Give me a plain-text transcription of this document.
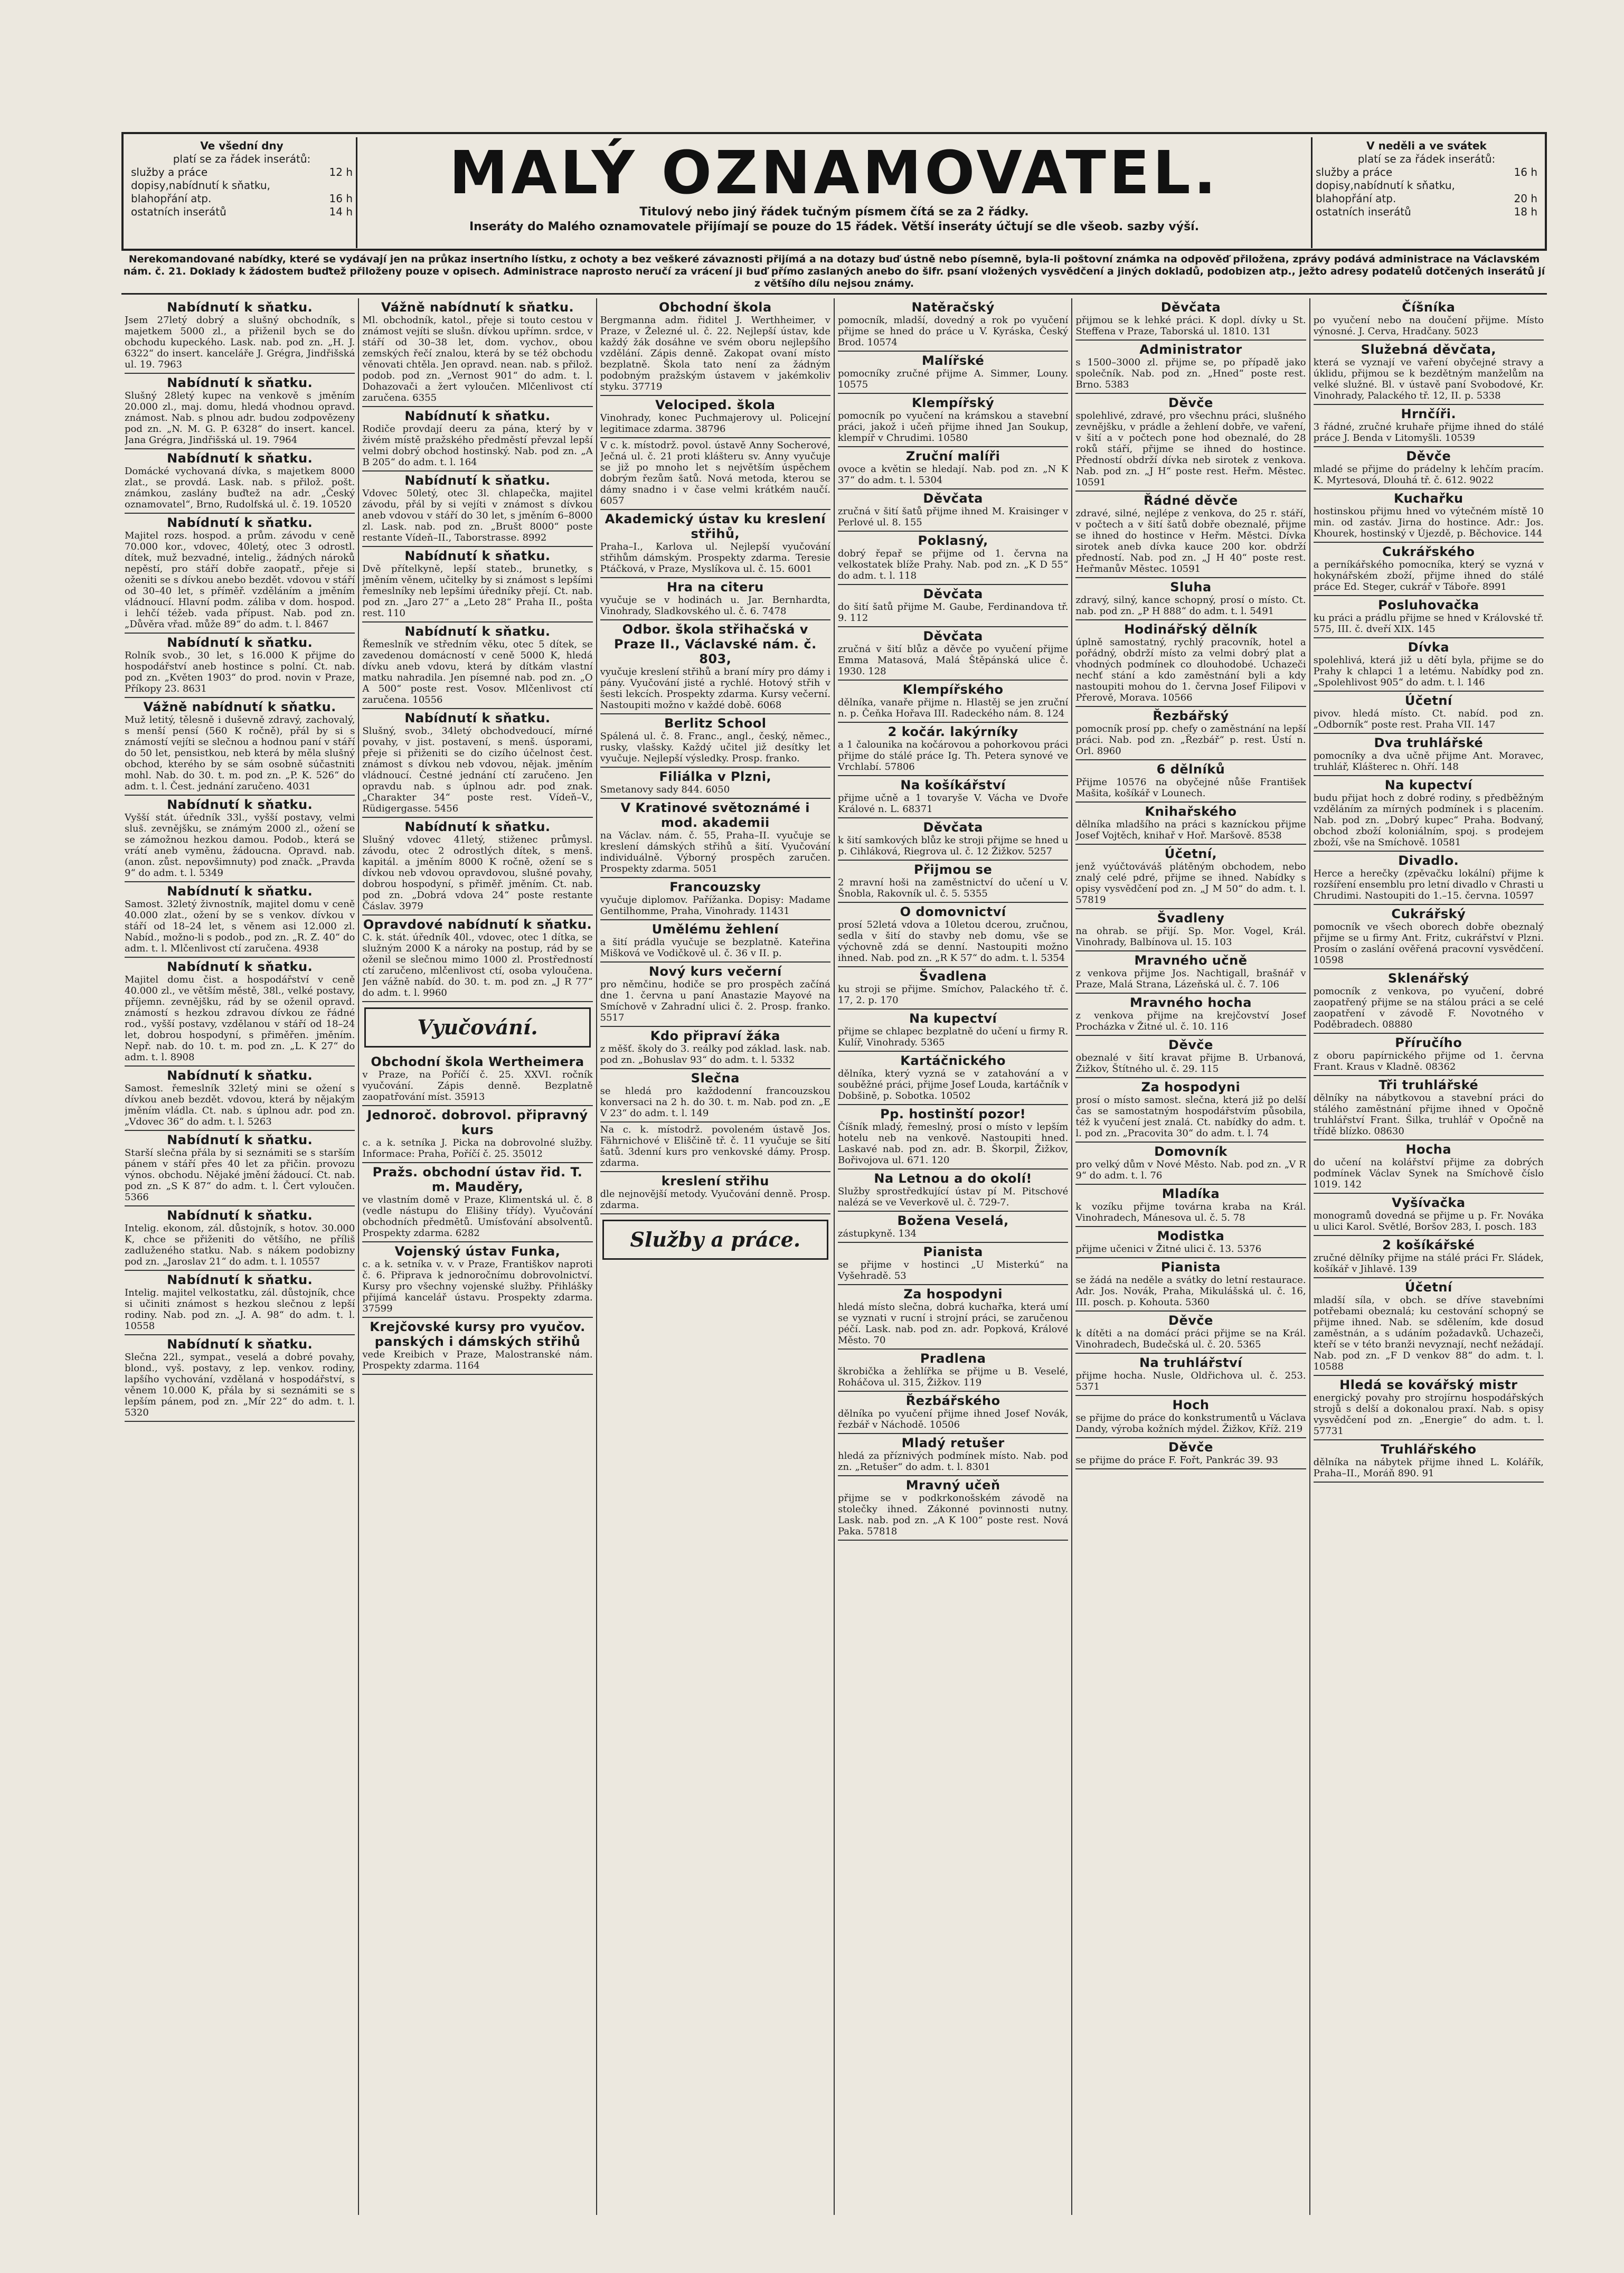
Ve všední dny
platí se za řádek inserátů:
služby a práce	12 h
dopisy,nabídnutí k sňatku,
blahopřání atp.	16 h
ostatních inserátů	14 h
MALÝ OZNAMOVATEL.
Titulový nebo jiný řádek tučným písmem čítá se za 2 řádky.
Inseráty do Malého oznamovatele přijímají se pouze do 15 řádek. Větší inseráty účtují se dle všeob. sazby výší.
V neděli a ve svátek
platí se za řádek inserátů:
služby a práce	16 h
dopisy,nabídnutí k sňatku,
blahopřání atp.	20 h
ostatních inserátů	18 h
Nerekomandované nabídky, které se vydávají jen na průkaz insertního lístku, z ochoty a bez veškeré závaznosti přijímá a na dotazy buď ústně nebo písemně, byla-li poštovní známka na odpověď přiložena, zprávy podává administrace na Václavském nám. č. 21. Doklady k žádostem buďtež přiloženy pouze v opisech. Administrace naprosto neručí za vrácení ji buď přímo zaslaných anebo do šifr. psaní vložených vysvědčení a jiných dokladů, podobizen atp., ježto adresy podatelů dotčených inserátů jí z většího dílu nejsou známy.
Nabídnutí k sňatku.

Jsem 27letý dobrý a slušný obchodník, s majetkem 5000 zl., a přiženil bych se do obchodu kupeckého. Lask. nab. pod zn. „H. J. 6322“ do insert. kanceláře J. Grégra, Jindřišská ul. 19. 7963

Nabídnutí k sňatku.

Slušný 28letý kupec na venkově s jměním 20.000 zl., maj. domu, hledá vhodnou opravd. známost. Nab. s plnou adr. budou zodpovězeny pod zn. „N. M. G. P. 6328“ do insert. kancel. Jana Grégra, Jindřišská ul. 19. 7964

Nabídnutí k sňatku.

Domácké vychovaná dívka, s majetkem 8000 zlat., se provdá. Lask. nab. s přilož. pošt. známkou, zaslány buďtež na adr. „Český oznamovatel“, Brno, Rudolfská ul. č. 19. 10520

Nabídnutí k sňatku.

Majitel rozs. hospod. a prům. závodu v ceně 70.000 kor., vdovec, 40letý, otec 3 odrostl. dítek, muž bezvadné, intelig., žádných nároků nepěstí, pro stáří dobře zaopatř., přeje si oženiti se s dívkou anebo bezdět. vdovou v stáří od 30–40 let, s příměř. vzděláním a jměním vládnoucí. Hlavní podm. záliba v dom. hospod. i lehčí téžeb. vada přípust. Nab. pod zn. „Důvěra vřad. může 89“ do adm. t. l. 8467

Nabídnutí k sňatku.

Rolník svob., 30 let, s 16.000 K přijme do hospodářství aneb hostince s polní. Ct. nab. pod zn. „Květen 1903“ do prod. novin v Praze, Příkopy 23. 8631

Vážně nabídnutí k sňatku.

Muž letitý, tělesně i duševně zdravý, zachovalý, s menší pensí (560 K ročně), přál by si s známostí vejíti se slečnou a hodnou paní v stáří do 50 let, pensistkou, neb která by měla slušný obchod, kterého by se sám osobně súčastniti mohl. Nab. do 30. t. m. pod zn. „P. K. 526“ do adm. t. l. Čest. jednání zaručeno. 4031

Nabídnutí k sňatku.

Vyšší stát. úředník 33l., vyšší postavy, velmi sluš. zevnějšku, se známým 2000 zl., ožení se se zámožnou hezkou damou. Podob., která se vrátí aneb vyměnu, žádoucna. Opravd. nab. (anon. zůst. nepovšimnuty) pod značk. „Pravda 9“ do adm. t. l. 5349

Nabídnutí k sňatku.

Samost. 32letý živnostník, majitel domu v ceně 40.000 zlat., ožení by se s venkov. dívkou v stáří od 18–24 let, s věnem asi 12.000 zl. Nabíd., možno-li s podob., pod zn. „R. Z. 40“ do adm. t. l. Mlčenlivost ctí zaručena. 4938

Nabídnutí k sňatku.

Majitel domu čist. a hospodářství v ceně 40.000 zl., ve větším městě, 38l., velké postavy, příjemn. zevnějšku, rád by se oženil opravd. známostí s hezkou zdravou dívkou ze řádné rod., vyšší postavy, vzdělanou v stáří od 18–24 let, dobrou hospodyní, s přiměřen. jměním. Nepř. nab. do 10. t. m. pod zn. „L. K 27“ do adm. t. l. 8908

Nabídnutí k sňatku.

Samost. řemeslník 32letý mini se ožení s dívkou aneb bezdět. vdovou, která by nějakým jměním vládla. Ct. nab. s úplnou adr. pod zn. „Vdovec 36“ do adm. t. l. 5263

Nabídnutí k sňatku.

Starší slečna přála by si seznámiti se s starším pánem v stáří přes 40 let za přičin. provozu výnos. obchodu. Nějaké jmění žádoucí. Ct. nab. pod zn. „S K 87“ do adm. t. l. Čert vyloučen. 5366

Nabídnutí k sňatku.

Intelig. ekonom, zál. důstojník, s hotov. 30.000 K, chce se přiženiti do většího, ne příliš zadluženého statku. Nab. s nákem podobizny pod zn. „Jaroslav 21“ do adm. t. l. 10557

Nabídnutí k sňatku.

Intelig. majitel velkostatku, zál. důstojník, chce si učiniti známost s hezkou slečnou z lepší rodiny. Nab. pod zn. „J. A. 98“ do adm. t. l. 10558

Nabídnutí k sňatku.

Slečna 22l., sympat., veselá a dobré povahy, blond., vyš. postavy, z lep. venkov. rodiny, lapšího vychování, vzdělaná v hospodářství, s věnem 10.000 K, přála by si seznámiti se s lepším pánem, pod zn. „Mír 22“ do adm. t. l. 5320

Vážně nabídnutí k sňatku.

Ml. obchodník, katol., přeje si touto cestou v známost vejíti se slušn. dívkou upřímn. srdce, v stáří od 30–38 let, dom. vychov., obou zemských řečí znalou, která by se též obchodu věnovati chtěla. Jen opravd. nean. nab. s přilož. podob. pod zn. „Vernost 901“ do adm. t. l. Dohazovači a žert vyloučen. Mlčenlivost ctí zaručena. 6355

Nabídnutí k sňatku.

Rodiče provdají deeru za pána, který by v živém místě pražského předměstí převzal lepší velmi dobrý obchod hostinský. Nab. pod zn. „A B 205“ do adm. t. l. 164

Nabídnutí k sňatku.

Vdovec 50letý, otec 3l. chlapečka, majitel závodu, přál by si vejíti v známost s dívkou aneb vdovou v stáří do 30 let, s jměním 6–8000 zl. Lask. nab. pod zn. „Brušt 8000“ poste restante Vídeň–II., Taborstrasse. 8992

Nabídnutí k sňatku.

Dvě přítelkyně, lepší stateb., brunetky, s jměním věnem, učitelky by si známost s lepšími řemeslníky neb lepšími úředníky přejí. Ct. nab. pod zn. „Jaro 27“ a „Leto 28“ Praha II., pošta rest. 110

Nabídnutí k sňatku.

Řemeslník ve středním věku, otec 5 dítek, se zavedenou domácností v ceně 5000 K, hledá dívku aneb vdovu, která by dítkám vlastní matku nahradila. Jen písemné nab. pod zn. „O A 500“ poste rest. Vosov. Mlčenlivost ctí zaručena. 10556

Nabídnutí k sňatku.

Slušný, svob., 34letý obchodvedoucí, mírné povahy, v jist. postavení, s menš. úsporami, přeje si přiženiti se do cizího účelnost čest. známost s dívkou neb vdovou, nějak. jměním vládnoucí. Čestné jednání ctí zaručeno. Jen opravdu nab. s úplnou adr. pod znak. „Charakter 34“ poste rest. Vídeň–V., Rüdigergasse. 5456

Nabídnutí k sňatku.

Slušný vdovec 41letý, stiženec průmysl. závodu, otec 2 odrostlých dítek, s menš. kapitál. a jměním 8000 K ročně, ožení se s dívkou neb vdovou opravdovou, slušné povahy, dobrou hospodyní, s přiměř. jměním. Ct. nab. pod zn. „Dobrá vdova 24“ poste restante Čáslav. 3979

Opravdové nabídnutí k sňatku.

C. k. stát. úředník 40l., vdovec, otec 1 dítka, se služným 2000 K a nároky na postup, rád by se oženil se slečnou mimo 1000 zl. Prostředností ctí zaručeno, mlčenlivost ctí, osoba vyloučena. Jen vážně nabíd. do 30. t. m. pod zn. „J R 77“ do adm. t. l. 9960

Vyučování.
Obchodní škola Wertheimera

v Praze, na Poříčí č. 25. XXVI. ročník vyučování. Zápis denně. Bezplatně zaopatřování míst. 35913

Jednoroč. dobrovol. připravný kurs

c. a k. setníka J. Picka na dobrovolné služby. Informace: Praha, Poříčí č. 25. 35012

Pražs. obchodní ústav řid. T. m. Mauděry,

ve vlastním domě v Praze, Klimentská ul. č. 8 (vedle nástupu do Elišiny třídy). Vyučování obchodních předmětů. Umísťování absolventů. Prospekty zdarma. 6282

Vojenský ústav Funka,

c. a k. setníka v. v. v Praze, Františkov naproti č. 6. Připrava k jednoročnímu dobrovolnictví. Kursy pro všechny vojenské služby. Přihlášky přijímá kancelář ústavu. Prospekty zdarma. 37599

Krejčovské kursy pro vyučov. panských i dámských střihů

vede Kreibich v Praze, Malostranské nám. Prospekty zdarma. 1164

Obchodní škola

Bergmanna adm. řiditel J. Werthheimer, v Praze, v Železné ul. č. 22. Nejlepší ústav, kde každý žák dosáhne ve svém oboru nejlepšího vzdělání. Zápis denně. Zakopat ovaní místo bezplatně. Škola tato není za žádným podobným pražským ústavem v jakémkoliv styku. 37719

Velociped. škola

Vinohrady, konec Puchmajerovy ul. Policejní legitimace zdarma. 38796

V c. k. místodrž. povol. ústavě Anny Socherové, Ječná ul. č. 21 proti klášteru sv. Anny vyučuje se již po mnoho let s největším úspěchem dobrým řezům šatů. Nová metoda, kterou se dámy snadno i v čase velmi krátkém naučí. 6057

Akademický ústav ku kreslení střihů,

Praha–I., Karlova ul. Nejlepší vyučování střihům dámským. Prospekty zdarma. Teresie Ptáčková, v Praze, Myslíkova ul. č. 15. 6001

Hra na citeru

vyučuje se v hodinách u. Jar. Bernhardta, Vinohrady, Sladkovského ul. č. 6. 7478

Odbor. škola střihačská v Praze II., Václavské nám. č. 803,

vyučuje kreslení střihů a braní míry pro dámy i pány. Vyučování jisté a rychlé. Hotový střih v šesti lekcích. Prospekty zdarma. Kursy večerní. Nastoupiti možno v každé době. 6068

Berlitz School

Spálená ul. č. 8. Franc., angl., český, němec., rusky, vlašsky. Každý učitel již desítky let vyučuje. Nejlepší výsledky. Prosp. franko.

Filiálka v Plzni,

Smetanovy sady 844. 6050

V Kratinové světoznámé i mod. akademii

na Václav. nám. č. 55, Praha–II. vyučuje se kreslení dámských střihů a šití. Vyučování individuálně. Výborný prospěch zaručen. Prospekty zdarma. 5051

Francouzsky

vyučuje diplomov. Pařížanka. Dopisy: Madame Gentilhomme, Praha, Vinohrady. 11431

Umělému žehlení

a šití prádla vyučuje se bezplatně. Kateřina Mišková ve Vodičkově ul. č. 36 v II. p.

Nový kurs večerní

pro němčinu, hodiče se pro prospěch začíná dne 1. června u paní Anastazie Mayové na Smíchově v Zahradní ulici č. 2. Prosp. franko. 5517

Kdo připraví žáka

z měšť. školy do 3. reálky pod základ. lask. nab. pod zn. „Bohuslav 93“ do adm. t. l. 5332

Slečna

se hledá pro každodenní francouzskou konversaci na 2 h. do 30. t. m. Nab. pod zn. „E V 23“ do adm. t. l. 149

Na c. k. místodrž. povoleném ústavě Jos. Fährnichové v Eliščině tř. č. 11 vyučuje se šití šatů. 3denní kurs pro venkovské dámy. Prosp. zdarma.

kreslení střihu

dle nejnovější metody. Vyučování denně. Prosp. zdarma.

Služby a práce.
Natěračský

pomocník, mladší, dovedný a rok po vyučení přijme se hned do práce u V. Kyráska, Český Brod. 10574

Malířské

pomocníky zručné přijme A. Simmer, Louny. 10575

Klempířský

pomocník po vyučení na krámskou a stavební práci, jakož i učeň přijme ihned Jan Soukup, klempíř v Chrudimi. 10580

Zruční malíři

ovoce a květin se hledají. Nab. pod zn. „N K 37“ do adm. t. l. 5304

Děvčata

zručná v šití šatů přijme ihned M. Kraisinger v Perlové ul. 8. 155

Poklasný,

dobrý řepař se přijme od 1. června na velkostatek blíže Prahy. Nab. pod zn. „K D 55“ do adm. t. l. 118

Děvčata

do šití šatů přijme M. Gaube, Ferdinandova tř. 9. 112

Děvčata

zručná v šití blůz a děvče po vyučení přijme Emma Matasová, Malá Štěpánská ulice č. 1930. 128

Klempířského

dělníka, vanaře přijme n. Hlastěj se jen zruční n. p. Čeňka Hořava III. Radeckého nám. 8. 124

2 kočár. lakýrníky

a 1 čalounika na kočárovou a pohorkovou práci přijme do stálé práce Ig. Th. Petera synové ve Vrchlabí. 57806

Na košíkářství

přijme učně a 1 tovaryše V. Vácha ve Dvoře Králové n. L. 68371

Děvčata

k šití samkových blůz ke stroji přijme se hned u p. Cihláková, Riegrova ul. č. 12 Žižkov. 5257

Přijmou se

2 mravní hoši na zaměstnictví do učení u V. Šnobla, Rakovník ul. č. 5. 5355

O domovnictví

prosí 52letá vdova a 10letou dcerou, zručnou, sedla v šití do stavby neb domu, vše se výchovně zdá se denní. Nastoupiti možno ihned. Nab. pod zn. „R K 57“ do adm. t. l. 5354

Švadlena

ku stroji se přijme. Smíchov, Palackého tř. č. 17, 2. p. 170

Na kupectví

přijme se chlapec bezplatně do učení u firmy R. Kulíř, Vinohrady. 5365

Kartáčnického

dělníka, který vyzná se v zatahování a v souběžné práci, přijme Josef Louda, kartáčník v Dobšině, p. Sobotka. 10502

Pp. hostinští pozor!

Číšník mladý, řemeslný, prosí o místo v lepším hotelu neb na venkově. Nastoupiti hned. Laskavé nab. pod zn. adr. B. Škorpil, Žižkov, Bořivojova ul. 671. 120

Na Letnou a do okolí!

Služby sprostředkující ústav pí M. Pitschové nalézá se ve Veverkově ul. č. 729-7.

Božena Veselá,

zástupkyně. 134

Pianista

se přijme v hostinci „U Misterkú“ na Vyšehradě. 53

Za hospodyni

hledá místo slečna, dobrá kuchařka, která umí se vyznati v rucní i strojní práci, se zaručenou péčí. Lask. nab. pod zn. adr. Popková, Králové Město. 70

Pradlena

škrobička a žehlířka se přijme u B. Veselé, Roháčova ul. 315, Žižkov. 119

Řezbářského

dělníka po vyučení přijme ihned Josef Novák, řezbář v Náchodě. 10506

Mladý retušer

hledá za příznivých podmínek místo. Nab. pod zn. „Retušer“ do adm. t. l. 8301

Mravný učeň

přijme se v podkrkonošském závodě na stolečky ihned. Zákonné povinnosti nutny. Lask. nab. pod zn. „A K 100“ poste rest. Nová Paka. 57818

Děvčata

přijmou se k lehké práci. K dopl. dívky u St. Steffena v Praze, Taborská ul. 1810. 131

Administrator

s 1500–3000 zl. přijme se, po případě jako společník. Nab. pod zn. „Hned“ poste rest. Brno. 5383

Děvče

spolehlivé, zdravé, pro všechnu práci, slušného zevnějšku, v prádle a žehlení dobře, ve vaření, v šití a v počtech pone hod obeznalé, do 28 roků stáří, přijme se ihned do hostince. Předností obdrží dívka neb sirotek z venkova. Nab. pod zn. „J H“ poste rest. Heřm. Městec. 10591

Řádné děvče

zdravé, silné, nejlépe z venkova, do 25 r. stáří, v počtech a v šití šatů dobře obeznalé, přijme se ihned do hostince v Heřm. Městci. Dívka sirotek aneb dívka kauce 200 kor. obdrží předností. Nab. pod zn. „J H 40“ poste rest. Heřmanův Městec. 10591

Sluha

zdravý, silný, kance schopný, prosí o místo. Ct. nab. pod zn. „P H 888“ do adm. t. l. 5491

Hodinářský dělník

úplně samostatný, rychlý pracovník, hotel a pořádný, obdrží místo za velmi dobrý plat a vhodných podmínek co dlouhodobé. Uchazeči nechť stání a kdo zaměstnání byli a kdy nastoupiti mohou do 1. června Josef Filipovi v Přerově, Morava. 10566

Řezbářský

pomocník prosí pp. chefy o zaměstnání na lepší práci. Nab. pod zn. „Řezbář“ p. rest. Ústí n. Orl. 8960

6 dělníků

Přijme 10576 na obyčejné nůše František Mašita, košíkář v Lounech.

Knihařského

dělníka mladšího na práci s kazníckou přijme Josef Vojtěch, knihař v Hoř. Maršově. 8538

Účetní,

jenž vyúčtováváš plátěným obchodem, nebo znalý celé pdré, přijme se ihned. Nabídky s opisy vysvědčení pod zn. „J M 50“ do adm. t. l. 57819

Švadleny

na ohrab. se přijí. Sp. Mor. Vogel, Král. Vinohrady, Balbínova ul. 15. 103

Mravného učně

z venkova přijme Jos. Nachtigall, brašnář v Praze, Malá Strana, Lázeňská ul. č. 7. 106

Mravného hocha

z venkova přijme na krejčovství Josef Procházka v Žitné ul. č. 10. 116

Děvče

obeznalé v šití kravat přijme B. Urbanová, Žižkov, Štítného ul. č. 29. 115

Za hospodyni

prosí o místo samost. slečna, která již po delší čas se samostatným hospodářstvím působila, též k vyučení jest znalá. Ct. nabídky do adm. t. l. pod zn. „Pracovita 30“ do adm. t. l. 74

Domovník

pro velký dům v Nové Město. Nab. pod zn. „V R 9“ do adm. t. l. 76

Mladíka

k vozíku přijme továrna kraba na Král. Vinohradech, Mánesova ul. č. 5. 78

Modistka

přijme učenici v Žitné ulici č. 13. 5376

Pianista

se žádá na neděle a svátky do letní restaurace. Adr. Jos. Novák, Praha, Mikulášská ul. č. 16, III. posch. p. Kohouta. 5360

Děvče

k dítěti a na domácí práci přijme se na Král. Vinohradech, Budečská ul. č. 20. 5365

Na truhlářství

přijme hocha. Nusle, Oldřichova ul. č. 253. 5371

Hoch

se přijme do práce do konkstrumentů u Václava Dandy, výroba kožních mýdel. Žižkov, Kříž. 219

Děvče

se přijme do práce F. Fořt, Pankrác 39. 93

Číšníka

po vyučení nebo na doučení přijme. Místo výnosné. J. Cerva, Hradčany. 5023

Služebná děvčata,

která se vyznají ve vaření obyčejné stravy a úklidu, přijmou se k bezdětným manželům na velké služné. Bl. v ústavě paní Svobodové, Kr. Vinohrady, Palackého tř. 12, II. p. 5338

Hrnčíři.

3 řádné, zručné kruhaře přijme ihned do stálé práce J. Benda v Litomyšli. 10539

Děvče

mladé se přijme do prádelny k lehčím pracím. K. Myrtesová, Dlouhá tř. č. 612. 9022

Kuchařku

hostinskou přijmu hned vo výtečném místě 10 min. od zastáv. Jirna do hostince. Adr.: Jos. Khourek, hostinský v Újezdě, p. Běchovice. 144

Cukrářského

a perníkářského pomocníka, který se vyzná v hokynářském zboží, přijme ihned do stálé práce Ed. Steger, cukrář v Táboře. 8991

Posluhovačka

ku práci a prádlu přijme se hned v Královské tř. 575, III. č. dveří XIX. 145

Dívka

spolehlivá, která již u dětí byla, přijme se do Prahy k chlapci 1 a letému. Nabídky pod zn. „Spolehlivost 905“ do adm. t. l. 146

Účetní

pivov. hledá místo. Ct. nabíd. pod zn. „Odborník“ poste rest. Praha VII. 147

Dva truhlářské

pomocníky a dva učně přijme Ant. Moravec, truhlář, Klášterec n. Ohří. 148

Na kupectví

budu přijat hoch z dobré rodiny, s předběžným vzděláním za mírných podmínek i s placením. Nab. pod zn. „Dobrý kupec“ Praha. Bodvaný, obchod zboží koloniálním, spoj. s prodejem zboží, vše na Smíchově. 10581

Divadlo.

Herce a herečky (zpěvačku lokální) přijme k rozšíření ensemblu pro letní divadlo v Chrasti u Chrudimi. Nastoupiti do 1.–15. června. 10597

Cukrářský

pomocník ve všech oborech dobře obeznalý přijme se u firmy Ant. Fritz, cukrářství v Plzni. Prosím o zaslání ověřená pracovní vysvědčení. 10598

Sklenářský

pomocník z venkova, po vyučení, dobré zaopatřený přijme se na stálou práci a se celé zaopatření v závodě F. Novotného v Poděbradech. 08880

Příručího

z oboru papírnického přijme od 1. června Frant. Kraus v Kladně. 08362

Tři truhlářské

dělníky na nábytkovou a stavební práci do stálého zaměstnání přijme ihned v Opočně truhlářství Frant. Šilka, truhlář v Opočně na třídě blízko. 08630

Hocha

do učení na kolářství přijme za dobrých podmínek Václav Synek na Smíchově číslo 1019. 142

Vyšívačka

monogramů dovedná se přijme u p. Fr. Nováka u ulici Karol. Světlé, Boršov 283, I. posch. 183

2 košíkářské

zručné dělníky přijme na stálé práci Fr. Sládek, košíkář v Jihlavě. 139

Účetní

mladší síla, v obch. se dříve stavebními potřebami obeznalá; ku cestování schopný se přijme ihned. Nab. se sdělením, kde dosud zaměstnán, a s udáním požadavků. Uchazeči, kteří se v této branži nevyznají, nechť nežádají. Nab. pod zn. „F D venkov 88“ do adm. t. l. 10588

Hledá se kovářský mistr

energický povahy pro strojírnu hospodářských strojů s delší a dokonalou praxí. Nab. s opisy vysvědčení pod zn. „Energie“ do adm. t. l. 57731

Truhlářského

dělníka na nábytek přijme ihned L. Kolářík, Praha–II., Moráň 890. 91
